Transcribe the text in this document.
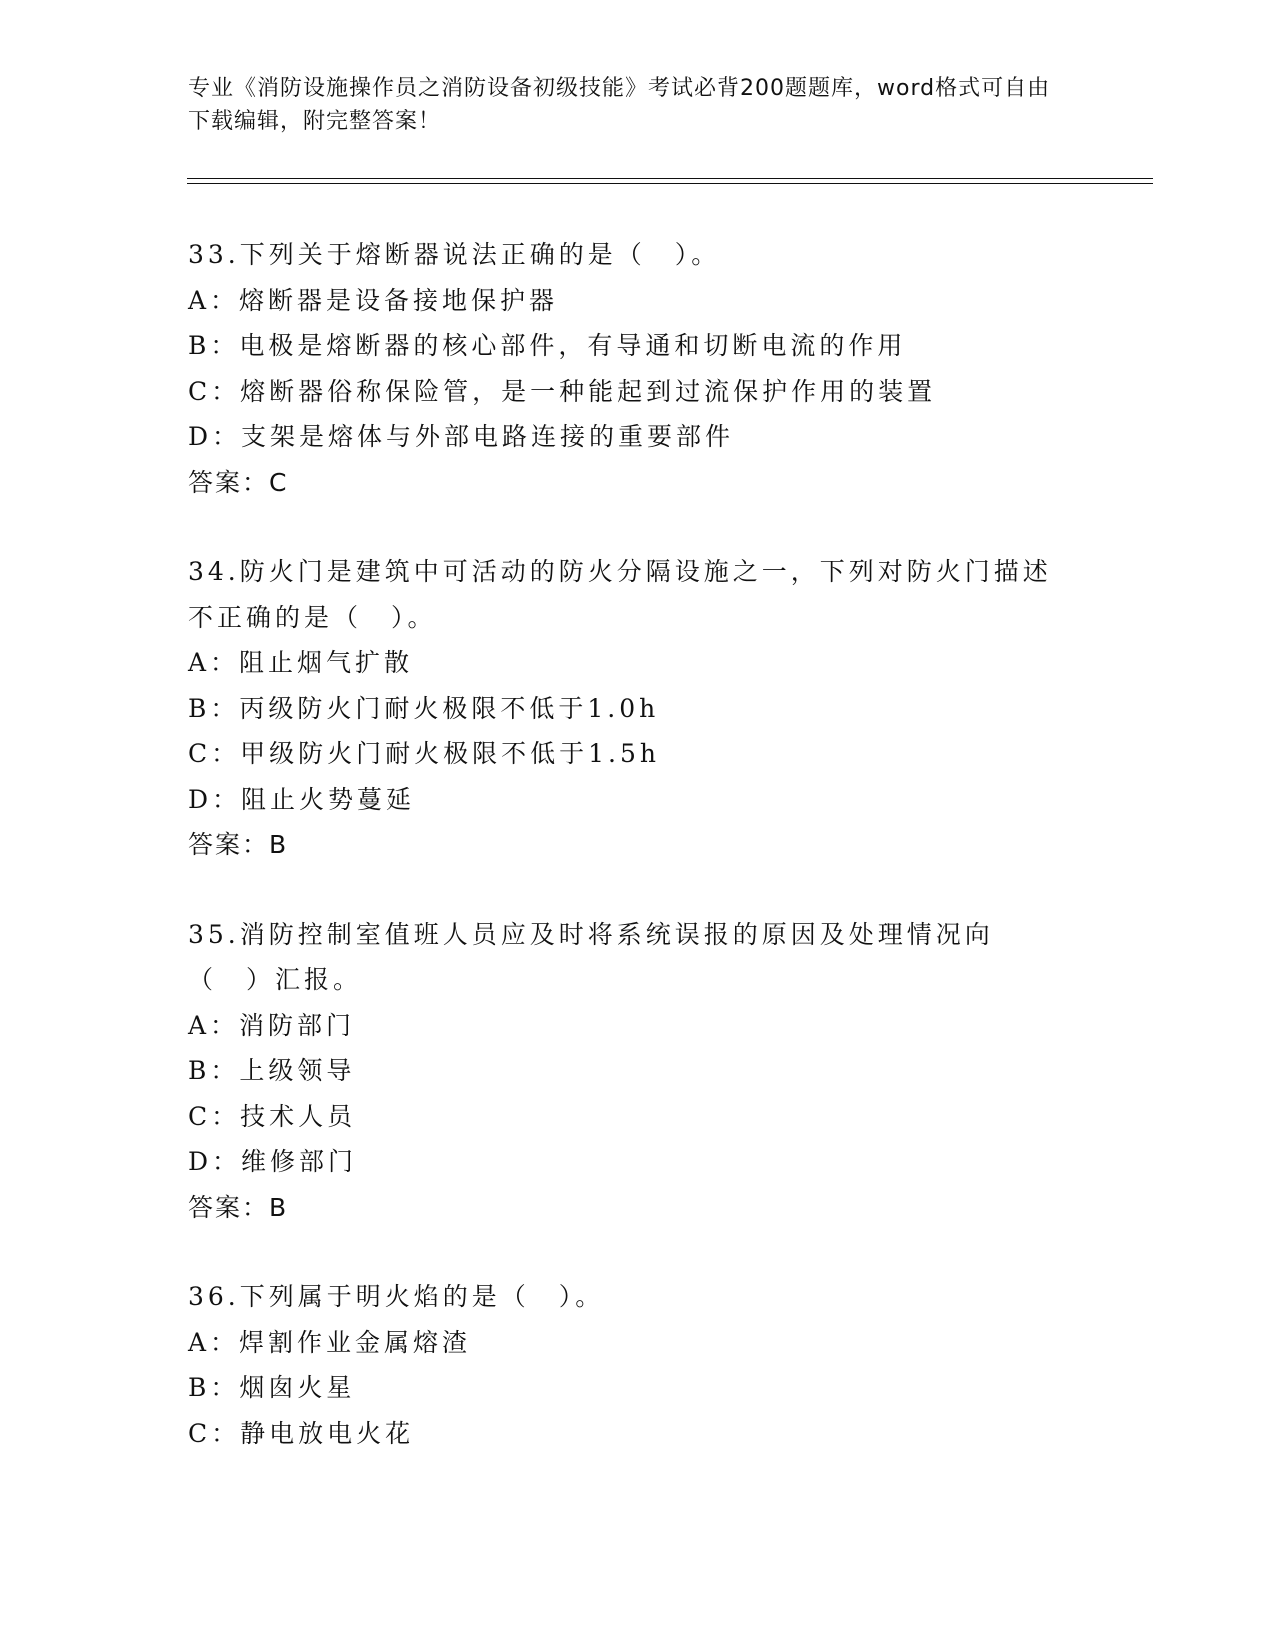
专业《消防设施操作员之消防设备初级技能》考试必背200题题库，word格式可自由下载编辑，附完整答案！
33.下列关于熔断器说法正确的是（　）。
A：熔断器是设备接地保护器
B：电极是熔断器的核心部件，有导通和切断电流的作用
C：熔断器俗称保险管，是一种能起到过流保护作用的装置
D：支架是熔体与外部电路连接的重要部件
答案：C
34.防火门是建筑中可活动的防火分隔设施之一，下列对防火门描述不正确的是（　）。
A：阻止烟气扩散
B：丙级防火门耐火极限不低于1.0h
C：甲级防火门耐火极限不低于1.5h
D：阻止火势蔓延
答案：B
35.消防控制室值班人员应及时将系统误报的原因及处理情况向（　）汇报。
A：消防部门
B：上级领导
C：技术人员
D：维修部门
答案：B
36.下列属于明火焰的是（　）。
A：焊割作业金属熔渣
B：烟囱火星
C：静电放电火花
